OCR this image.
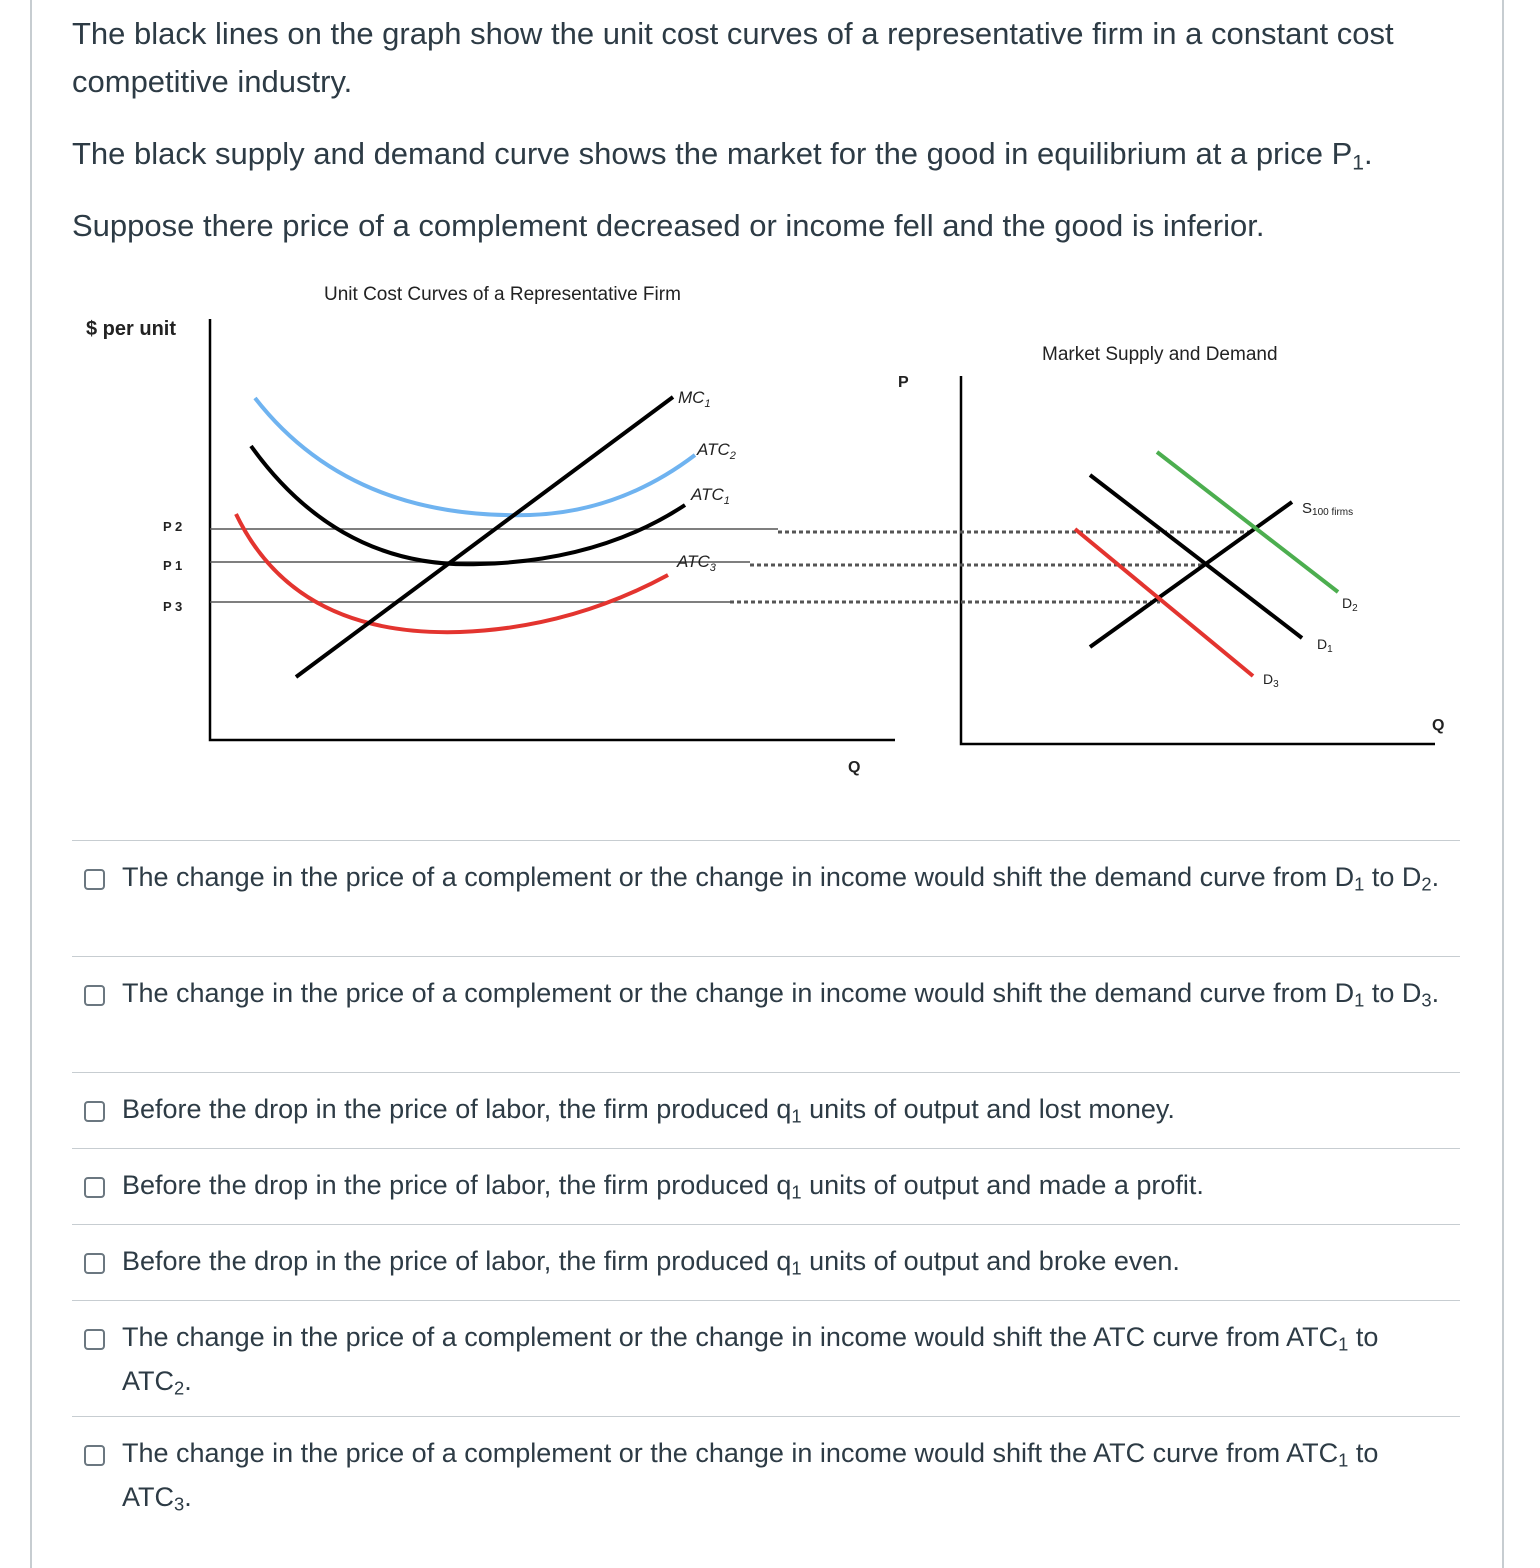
The black lines on the graph show the unit cost curves of a representative firm in a constant cost competitive industry.

The black supply and demand curve shows the market for the good in equilibrium at a price $P_1$.

Suppose there price of a complement decreased or income fell and the good is inferior.

Unit Cost Curves of a Representative Firm
$ per unit
Market Supply and Demand
P
Q
Q
P 2
P 1
P 3
$MC_1$
$ATC_2$
$ATC_1$
$ATC_3$
S100 firms
$D_2$
$D_1$
$D_3$
The change in the price of a complement or the change in income would shift the demand curve from $D_1$ to $D_2$.
The change in the price of a complement or the change in income would shift the demand curve from $D_1$ to $D_3$.
Before the drop in the price of labor, the firm produced $q_1$ units of output and lost money.
Before the drop in the price of labor, the firm produced $q_1$ units of output and made a profit.
Before the drop in the price of labor, the firm produced $q_1$ units of output and broke even.
The change in the price of a complement or the change in income would shift the ATC curve from $ATC_1$ to $ATC_2$.
The change in the price of a complement or the change in income would shift the ATC curve from $ATC_1$ to $ATC_3$.
